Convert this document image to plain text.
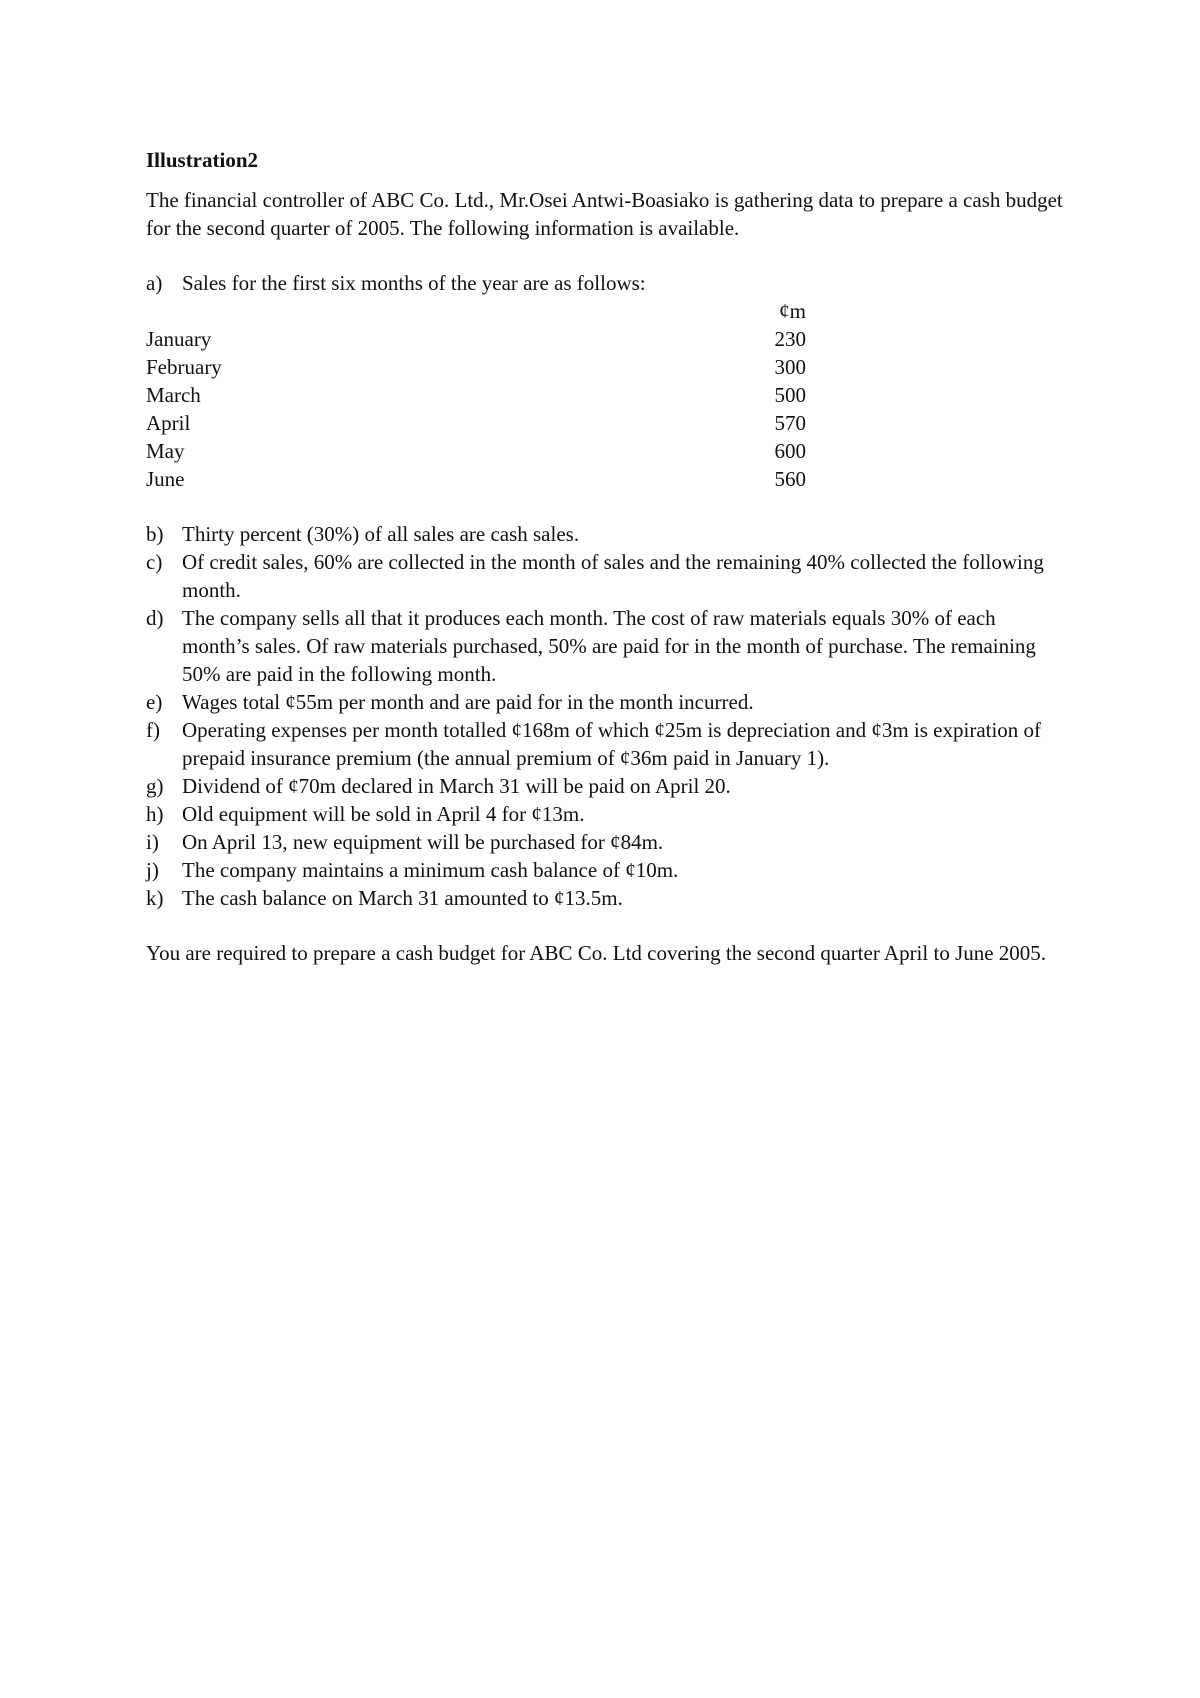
Illustration2

The financial controller of ABC Co. Ltd., Mr.Osei Antwi-Boasiako is gathering data to prepare a cash budget for the second quarter of 2005. The following information is available.

a) Sales for the first six months of the year are as follows:
	¢m
January	230
February	300
March	500
April	570
May	600
June	560
b) Thirty percent (30%) of all sales are cash sales.
c) Of credit sales, 60% are collected in the month of sales and the remaining 40% collected the following month.
d) The company sells all that it produces each month. The cost of raw materials equals 30% of each month’s sales. Of raw materials purchased, 50% are paid for in the month of purchase. The remaining 50% are paid in the following month.
e) Wages total ¢55m per month and are paid for in the month incurred.
f)	Operating expenses per month totalled ¢168m of which ¢25m is depreciation and ¢3m is expiration of prepaid insurance premium (the annual premium of ¢36m paid in January 1).
g) Dividend of ¢70m declared in March 31 will be paid on April 20.
h) Old equipment will be sold in April 4 for ¢13m.
i)	On April 13, new equipment will be purchased for ¢84m.
j)	The company maintains a minimum cash balance of ¢10m.
k) The cash balance on March 31 amounted to ¢13.5m.

You are required to prepare a cash budget for ABC Co. Ltd covering the second quarter April to June 2005.
